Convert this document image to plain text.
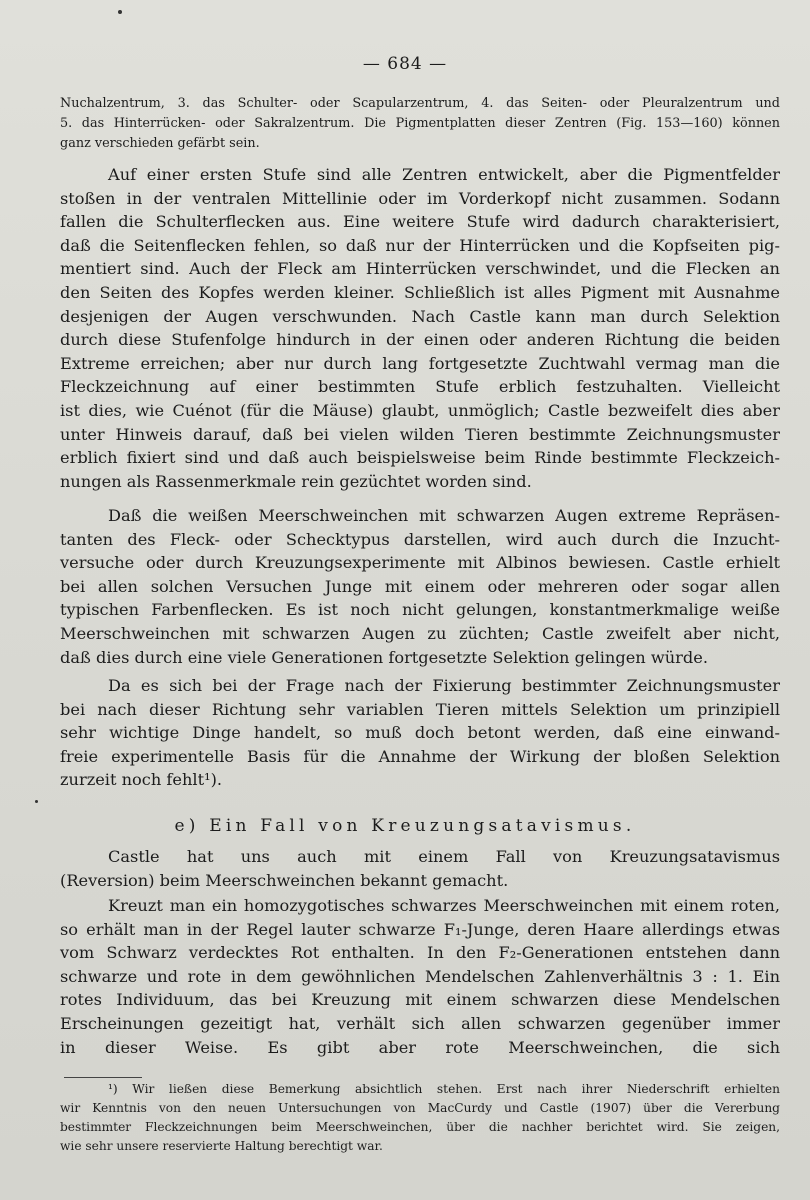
— 684 —
Nuchalzentrum, 3. das Schulter- oder Scapularzentrum, 4. das Seiten- oder Pleuralzentrum und
5. das Hinterrücken- oder Sakralzentrum. Die Pigmentplatten dieser Zentren (Fig. 153—160) können
ganz verschieden gefärbt sein.
Auf einer ersten Stufe sind alle Zentren entwickelt, aber die Pigmentfelder
stoßen in der ventralen Mittellinie oder im Vorderkopf nicht zusammen. Sodann
fallen die Schulterflecken aus. Eine weitere Stufe wird dadurch charakterisiert,
daß die Seitenflecken fehlen, so daß nur der Hinterrücken und die Kopfseiten pig-
mentiert sind. Auch der Fleck am Hinterrücken verschwindet, und die Flecken an
den Seiten des Kopfes werden kleiner. Schließlich ist alles Pigment mit Ausnahme
desjenigen der Augen verschwunden. Nach Castle kann man durch Selektion
durch diese Stufenfolge hindurch in der einen oder anderen Richtung die beiden
Extreme erreichen; aber nur durch lang fortgesetzte Zuchtwahl vermag man die
Fleckzeichnung auf einer bestimmten Stufe erblich festzuhalten. Vielleicht
ist dies, wie Cuénot (für die Mäuse) glaubt, unmöglich; Castle bezweifelt dies aber
unter Hinweis darauf, daß bei vielen wilden Tieren bestimmte Zeichnungsmuster
erblich fixiert sind und daß auch beispielsweise beim Rinde bestimmte Fleckzeich-
nungen als Rassenmerkmale rein gezüchtet worden sind.
Daß die weißen Meerschweinchen mit schwarzen Augen extreme Repräsen-
tanten des Fleck- oder Schecktypus darstellen, wird auch durch die Inzucht-
versuche oder durch Kreuzungsexperimente mit Albinos bewiesen. Castle erhielt
bei allen solchen Versuchen Junge mit einem oder mehreren oder sogar allen
typischen Farbenflecken. Es ist noch nicht gelungen, konstantmerkmalige weiße
Meerschweinchen mit schwarzen Augen zu züchten; Castle zweifelt aber nicht,
daß dies durch eine viele Generationen fortgesetzte Selektion gelingen würde.
Da es sich bei der Frage nach der Fixierung bestimmter Zeichnungsmuster
bei nach dieser Richtung sehr variablen Tieren mittels Selektion um prinzipiell
sehr wichtige Dinge handelt, so muß doch betont werden, daß eine einwand-
freie experimentelle Basis für die Annahme der Wirkung der bloßen Selektion
zurzeit noch fehlt¹).
e) Ein Fall von Kreuzungsatavismus.
Castle hat uns auch mit einem Fall von Kreuzungsatavismus
(Reversion) beim Meerschweinchen bekannt gemacht.
Kreuzt man ein homozygotisches schwarzes Meerschweinchen mit einem roten,
so erhält man in der Regel lauter schwarze F₁-Junge, deren Haare allerdings etwas
vom Schwarz verdecktes Rot enthalten. In den F₂-Generationen entstehen dann
schwarze und rote in dem gewöhnlichen Mendelschen Zahlenverhältnis 3 : 1. Ein
rotes Individuum, das bei Kreuzung mit einem schwarzen diese Mendelschen
Erscheinungen gezeitigt hat, verhält sich allen schwarzen gegenüber immer
in dieser Weise. Es gibt aber rote Meerschweinchen, die sich
¹) Wir ließen diese Bemerkung absichtlich stehen. Erst nach ihrer Niederschrift erhielten
wir Kenntnis von den neuen Untersuchungen von MacCurdy und Castle (1907) über die Vererbung
bestimmter Fleckzeichnungen beim Meerschweinchen, über die nachher berichtet wird. Sie zeigen,
wie sehr unsere reservierte Haltung berechtigt war.
